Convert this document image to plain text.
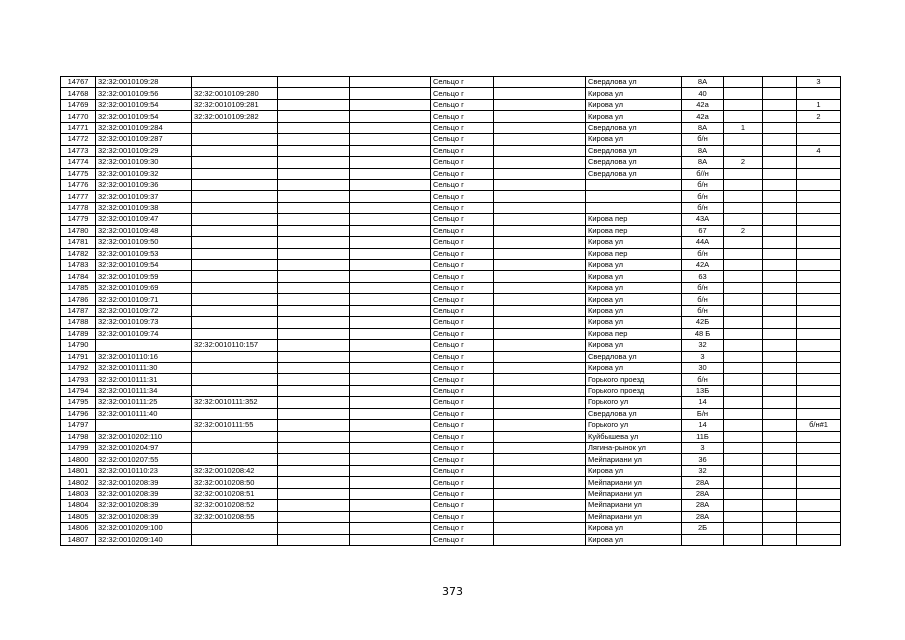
14767	32:32:0010109:28				Сельцо г		Свердлова ул	8А			3
14768	32:32:0010109:56	32:32:0010109:280			Сельцо г		Кирова ул	40			
14769	32:32:0010109:54	32:32:0010109:281			Сельцо г		Кирова ул	42а			1
14770	32:32:0010109:54	32:32:0010109:282			Сельцо г		Кирова ул	42а			2
14771	32:32:0010109:284				Сельцо г		Свердлова ул	8А	1		
14772	32:32:0010109:287				Сельцо г		Кирова ул	б/н			
14773	32:32:0010109:29				Сельцо г		Свердлова ул	8А			4
14774	32:32:0010109:30				Сельцо г		Свердлова ул	8А	2		
14775	32:32:0010109:32				Сельцо г		Свердлова ул	б//н			
14776	32:32:0010109:36				Сельцо г			б/н			
14777	32:32:0010109:37				Сельцо г			б/н			
14778	32:32:0010109:38				Сельцо г			б/н			
14779	32:32:0010109:47				Сельцо г		Кирова пер	43А			
14780	32:32:0010109:48				Сельцо г		Кирова пер	67	2		
14781	32:32:0010109:50				Сельцо г		Кирова ул	44А			
14782	32:32:0010109:53				Сельцо г		Кирова пер	б/н			
14783	32:32:0010109:54				Сельцо г		Кирова ул	42А			
14784	32:32:0010109:59				Сельцо г		Кирова ул	63			
14785	32:32:0010109:69				Сельцо г		Кирова ул	б/н			
14786	32:32:0010109:71				Сельцо г		Кирова ул	б/н			
14787	32:32:0010109:72				Сельцо г		Кирова ул	б/н			
14788	32:32:0010109:73				Сельцо г		Кирова ул	42Б			
14789	32:32:0010109:74				Сельцо г		Кирова пер	48 Б			
14790		32:32:0010110:157			Сельцо г		Кирова ул	32			
14791	32:32:0010110:16				Сельцо г		Свердлова ул	3			
14792	32:32:0010111:30				Сельцо г		Кирова ул	30			
14793	32:32:0010111:31				Сельцо г		Горького проезд	б/н			
14794	32:32:0010111:34				Сельцо г		Горького проезд	13Б			
14795	32:32:0010111:25	32:32:0010111:352			Сельцо г		Горького ул	14			
14796	32:32:0010111:40				Сельцо г		Свердлова ул	Б/н			
14797		32:32:0010111:55			Сельцо г		Горького ул	14			б/н#1
14798	32:32:0010202:110				Сельцо г		Куйбышева ул	11Б			
14799	32:32:0010204:97				Сельцо г		Лягина-рынок ул	3			
14800	32:32:0010207:55				Сельцо г		Мейпариани ул	36			
14801	32:32:0010110:23	32:32:0010208:42			Сельцо г		Кирова ул	32			
14802	32:32:0010208:39	32:32:0010208:50			Сельцо г		Мейпариани ул	28А			
14803	32:32:0010208:39	32:32:0010208:51			Сельцо г		Мейпариани ул	28А			
14804	32:32:0010208:39	32:32:0010208:52			Сельцо г		Мейпариани ул	28А			
14805	32:32:0010208:39	32:32:0010208:55			Сельцо г		Мейпариани ул	28А			
14806	32:32:0010209:100				Сельцо г		Кирова ул	2Б			
14807	32:32:0010209:140				Сельцо г		Кирова ул				
373
